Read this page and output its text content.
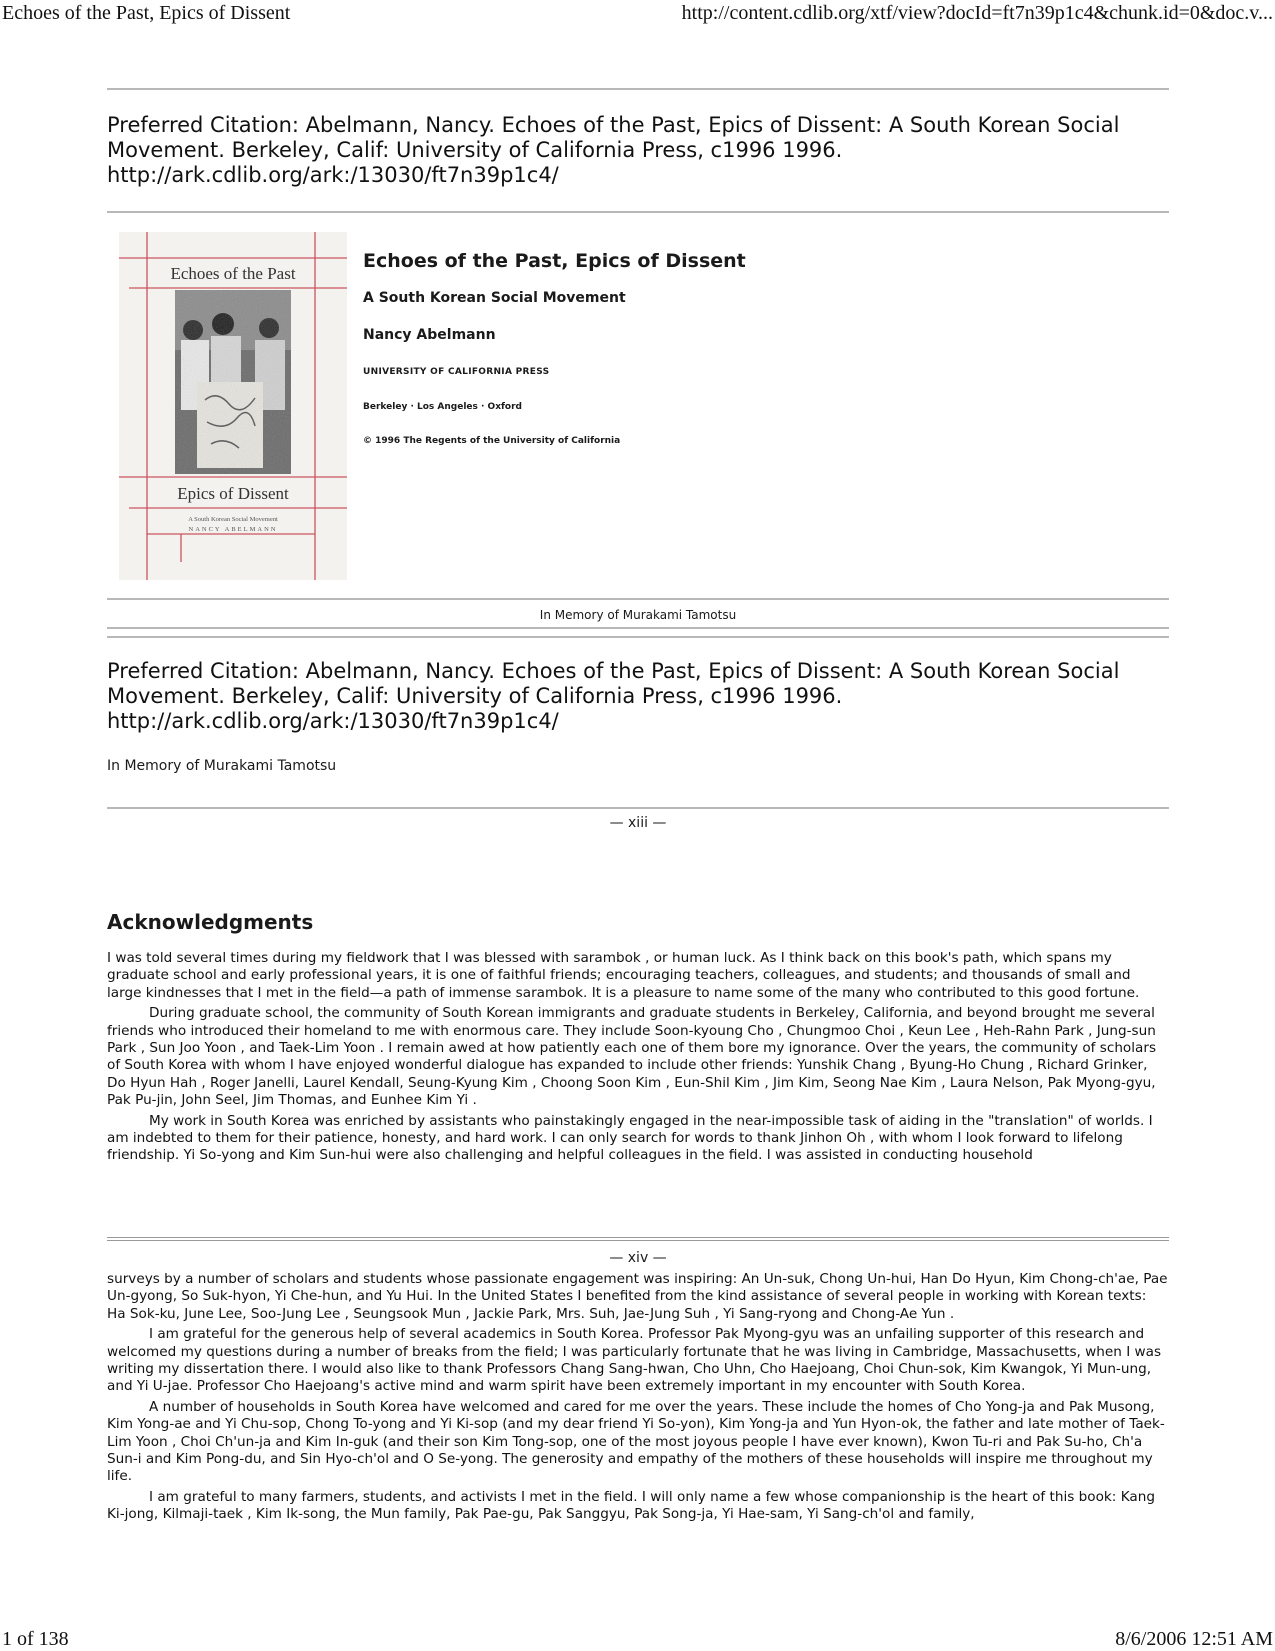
Echoes of the Past, Epics of Dissent	http://content.cdlib.org/xtf/view?docId=ft7n39p1c4&chunk.id=0&doc.v...
Preferred Citation: Abelmann, Nancy. Echoes of the Past, Epics of Dissent: A South Korean Social
Movement. Berkeley, Calif: University of California Press, c1996 1996.
http://ark.cdlib.org/ark:/13030/ft7n39p1c4/
Echoes of the Past
Epics of Dissent
A South Korean Social Movement
NANCY ABELMANN
Echoes of the Past, Epics of Dissent
A South Korean Social Movement
Nancy Abelmann
UNIVERSITY OF CALIFORNIA PRESS
Berkeley · Los Angeles · Oxford
© 1996 The Regents of the University of California
In Memory of Murakami Tamotsu
Preferred Citation: Abelmann, Nancy. Echoes of the Past, Epics of Dissent: A South Korean Social
Movement. Berkeley, Calif: University of California Press, c1996 1996.
http://ark.cdlib.org/ark:/13030/ft7n39p1c4/
In Memory of Murakami Tamotsu
— xiii —
Acknowledgments

I was told several times during my fieldwork that I was blessed with sarambok , or human luck. As I think back on this book's path, which spans my graduate school and early professional years, it is one of faithful friends; encouraging teachers, colleagues, and students; and thousands of small and large kindnesses that I met in the field—a path of immense sarambok. It is a pleasure to name some of the many who contributed to this good fortune.

During graduate school, the community of South Korean immigrants and graduate students in Berkeley, California, and beyond brought me several friends who introduced their homeland to me with enormous care. They include Soon-kyoung Cho , Chungmoo Choi , Keun Lee , Heh-Rahn Park , Jung-sun Park , Sun Joo Yoon , and Taek-Lim Yoon . I remain awed at how patiently each one of them bore my ignorance. Over the years, the community of scholars of South Korea with whom I have enjoyed wonderful dialogue has expanded to include other friends: Yunshik Chang , Byung-Ho Chung , Richard Grinker, Do Hyun Hah , Roger Janelli, Laurel Kendall, Seung-Kyung Kim , Choong Soon Kim , Eun-Shil Kim , Jim Kim, Seong Nae Kim , Laura Nelson, Pak Myong-gyu, Pak Pu-jin, John Seel, Jim Thomas, and Eunhee Kim Yi .

My work in South Korea was enriched by assistants who painstakingly engaged in the near-impossible task of aiding in the "translation" of worlds. I am indebted to them for their patience, honesty, and hard work. I can only search for words to thank Jinhon Oh , with whom I look forward to lifelong friendship. Yi So-yong and Kim Sun-hui were also challenging and helpful colleagues in the field. I was assisted in conducting household

— xiv —

surveys by a number of scholars and students whose passionate engagement was inspiring: An Un-suk, Chong Un-hui, Han Do Hyun, Kim Chong-ch'ae, Pae Un-gyong, So Suk-hyon, Yi Che-hun, and Yu Hui. In the United States I benefited from the kind assistance of several people in working with Korean texts: Ha Sok-ku, June Lee, Soo-Jung Lee , Seungsook Mun , Jackie Park, Mrs. Suh, Jae-Jung Suh , Yi Sang-ryong and Chong-Ae Yun .

I am grateful for the generous help of several academics in South Korea. Professor Pak Myong-gyu was an unfailing supporter of this research and welcomed my questions during a number of breaks from the field; I was particularly fortunate that he was living in Cambridge, Massachusetts, when I was writing my dissertation there. I would also like to thank Professors Chang Sang-hwan, Cho Uhn, Cho Haejoang, Choi Chun-sok, Kim Kwangok, Yi Mun-ung, and Yi U-jae. Professor Cho Haejoang's active mind and warm spirit have been extremely important in my encounter with South Korea.

A number of households in South Korea have welcomed and cared for me over the years. These include the homes of Cho Yong-ja and Pak Musong, Kim Yong-ae and Yi Chu-sop, Chong To-yong and Yi Ki-sop (and my dear friend Yi So-yon), Kim Yong-ja and Yun Hyon-ok, the father and late mother of Taek-Lim Yoon , Choi Ch'un-ja and Kim In-guk (and their son Kim Tong-sop, one of the most joyous people I have ever known), Kwon Tu-ri and Pak Su-ho, Ch'a Sun-i and Kim Pong-du, and Sin Hyo-ch'ol and O Se-yong. The generosity and empathy of the mothers of these households will inspire me throughout my life.

I am grateful to many farmers, students, and activists I met in the field. I will only name a few whose companionship is the heart of this book: Kang Ki-jong, Kilmaji-taek , Kim Ik-song, the Mun family, Pak Pae-gu, Pak Sanggyu, Pak Song-ja, Yi Hae-sam, Yi Sang-ch'ol and family,

1 of 138	8/6/2006 12:51 AM
